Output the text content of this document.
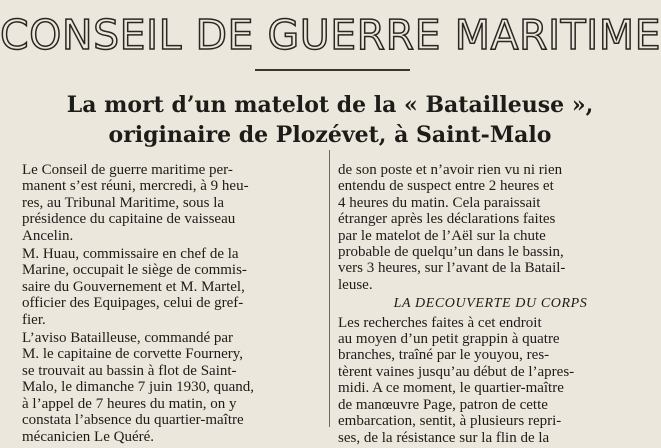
CONSEIL DE GUERRE MARITIME
La mort d’un matelot de la « Batailleuse »,
originaire de Plozévet, à Saint-Malo

Le Conseil de guerre maritime per-
manent s’est réuni, mercredi, à 9 heu-
res, au Tribunal Maritime, sous la
présidence du capitaine de vaisseau
Ancelin.

M. Huau, commissaire en chef de la
Marine, occupait le siège de commis-
saire du Gouvernement et M. Martel,
officier des Equipages, celui de gref-
fier.

L’aviso Batailleuse, commandé par
M. le capitaine de corvette Fournery,
se trouvait au bassin à flot de Saint-
Malo, le dimanche 7 juin 1930, quand,
à l’appel de 7 heures du matin, on y
constata l’absence du quartier-maître
mécanicien Le Quéré.

de son poste et n’avoir rien vu ni rien
entendu de suspect entre 2 heures et
4 heures du matin. Cela paraissait
étranger après les déclarations faites
par le matelot de l’Aël sur la chute
probable de quelqu’un dans le bassin,
vers 3 heures, sur l’avant de la Batail-
leuse.

LA DECOUVERTE DU CORPS

Les recherches faites à cet endroit
au moyen d’un petit grappin à quatre
branches, traîné par le youyou, res-
tèrent vaines jusqu’au début de l’apres-
midi. A ce moment, le quartier-maître
de manœuvre Page, patron de cette
embarcation, sentit, à plusieurs repri-
ses, de la résistance sur la flin de la
